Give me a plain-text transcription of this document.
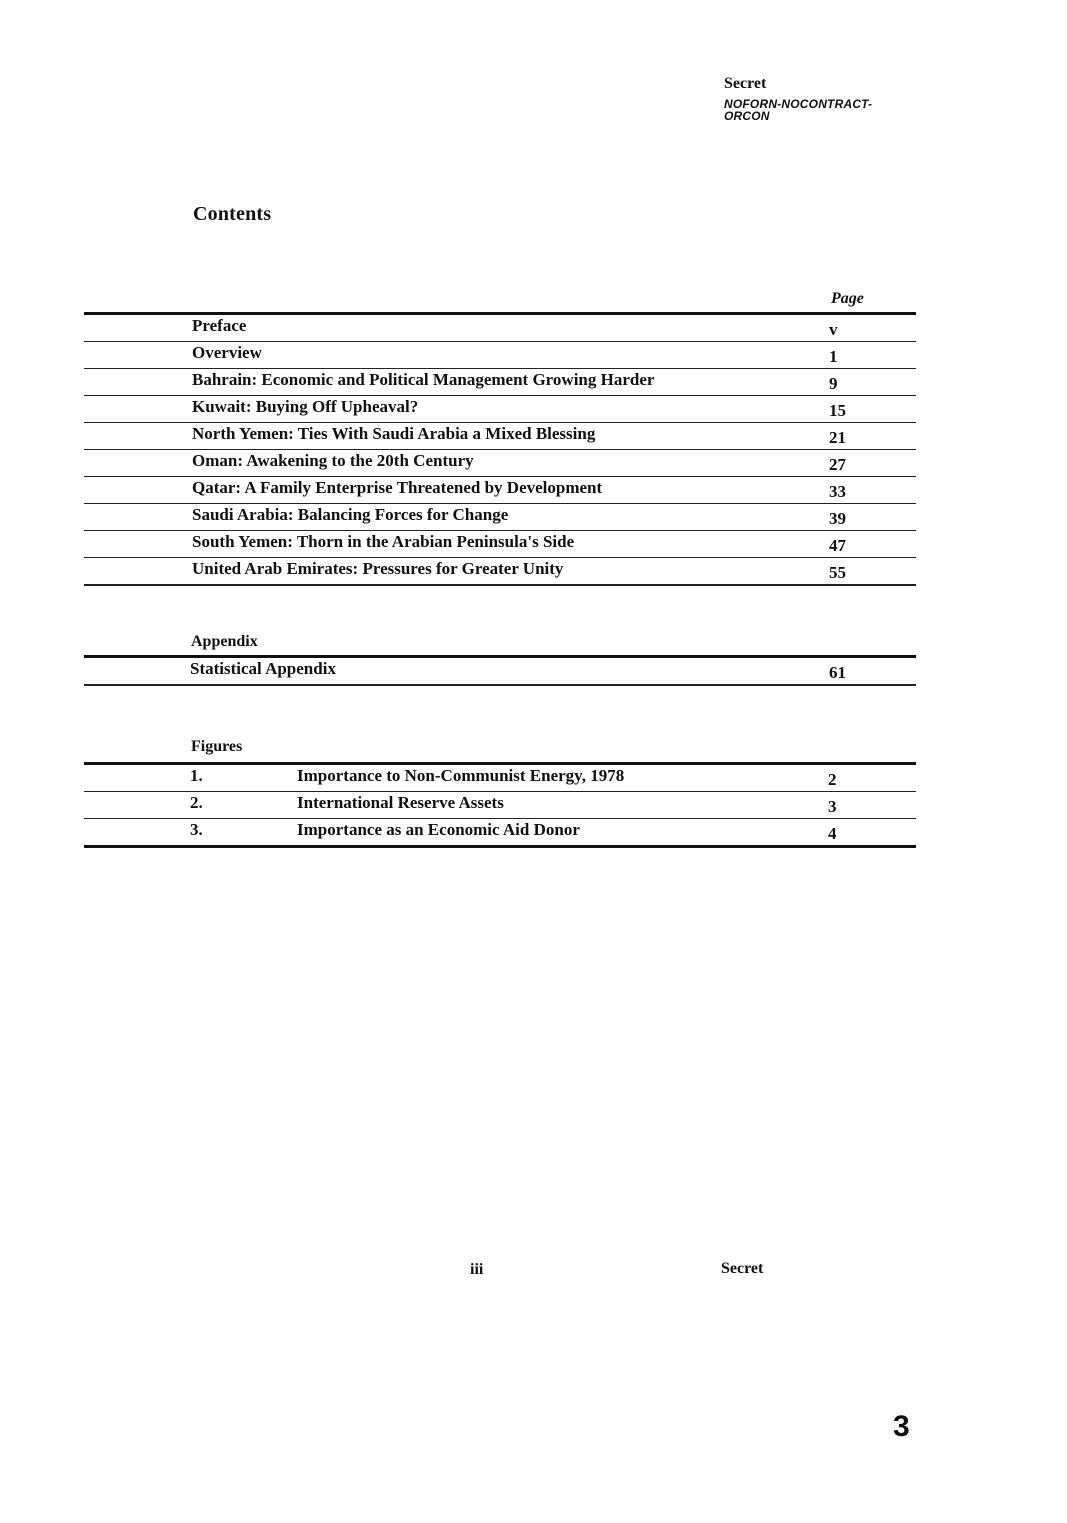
Secret
NOFORN-NOCONTRACT-ORCON
Contents
Page
Preface	v
Overview	1
Bahrain: Economic and Political Management Growing Harder	9
Kuwait: Buying Off Upheaval?	15
North Yemen: Ties With Saudi Arabia a Mixed Blessing	21
Oman: Awakening to the 20th Century	27
Qatar: A Family Enterprise Threatened by Development	33
Saudi Arabia: Balancing Forces for Change	39
South Yemen: Thorn in the Arabian Peninsula's Side	47
United Arab Emirates: Pressures for Greater Unity	55
Appendix
Statistical Appendix	61
Figures
1.	Importance to Non-Communist Energy, 1978	2
2.	International Reserve Assets	3
3.	Importance as an Economic Aid Donor	4
iii	Secret
3
